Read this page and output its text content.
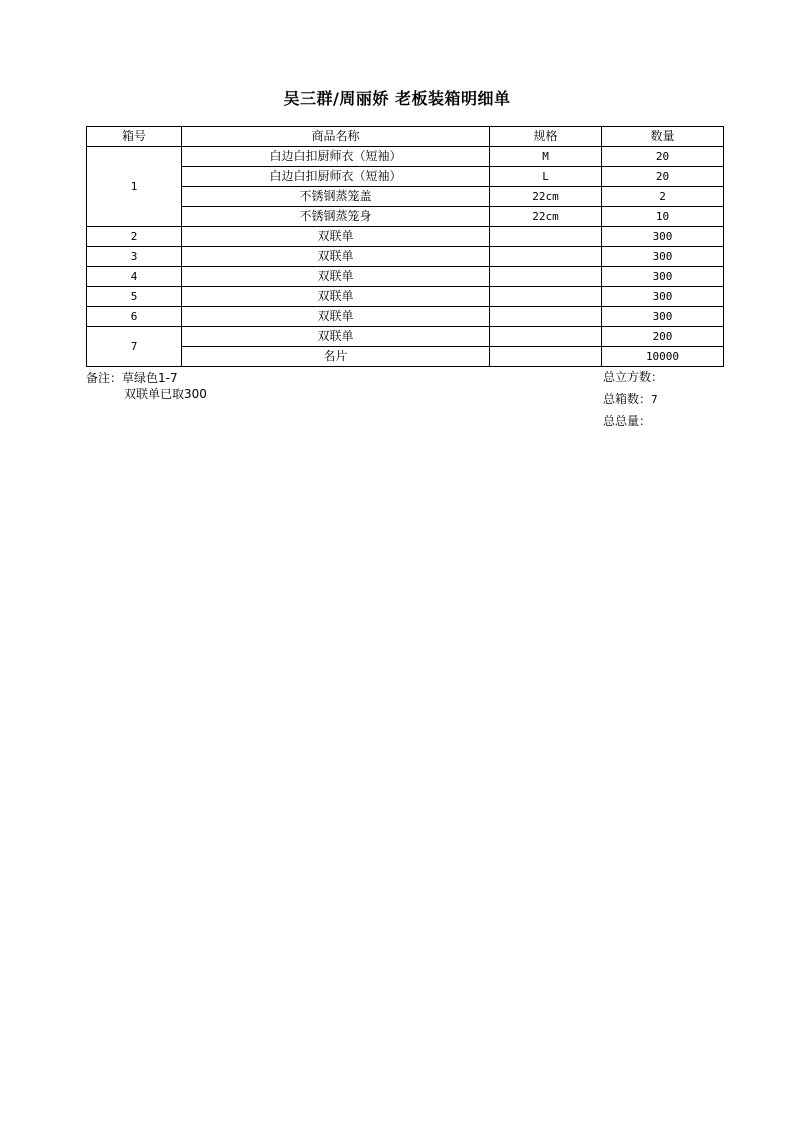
吴三群/周丽娇 老板装箱明细单
箱号	商品名称	规格	数量
1	白边白扣厨师衣（短袖）	M	20
	白边白扣厨师衣（短袖）	L	20
	不锈钢蒸笼盖	22cm	2
	不锈钢蒸笼身	22cm	10
2	双联单		300
3	双联单		300
4	双联单		300
5	双联单		300
6	双联单		300
7	双联单		200
	名片		10000
备注：草绿色1-7
双联单已取300
总立方数：
总箱数：7
总总量：
